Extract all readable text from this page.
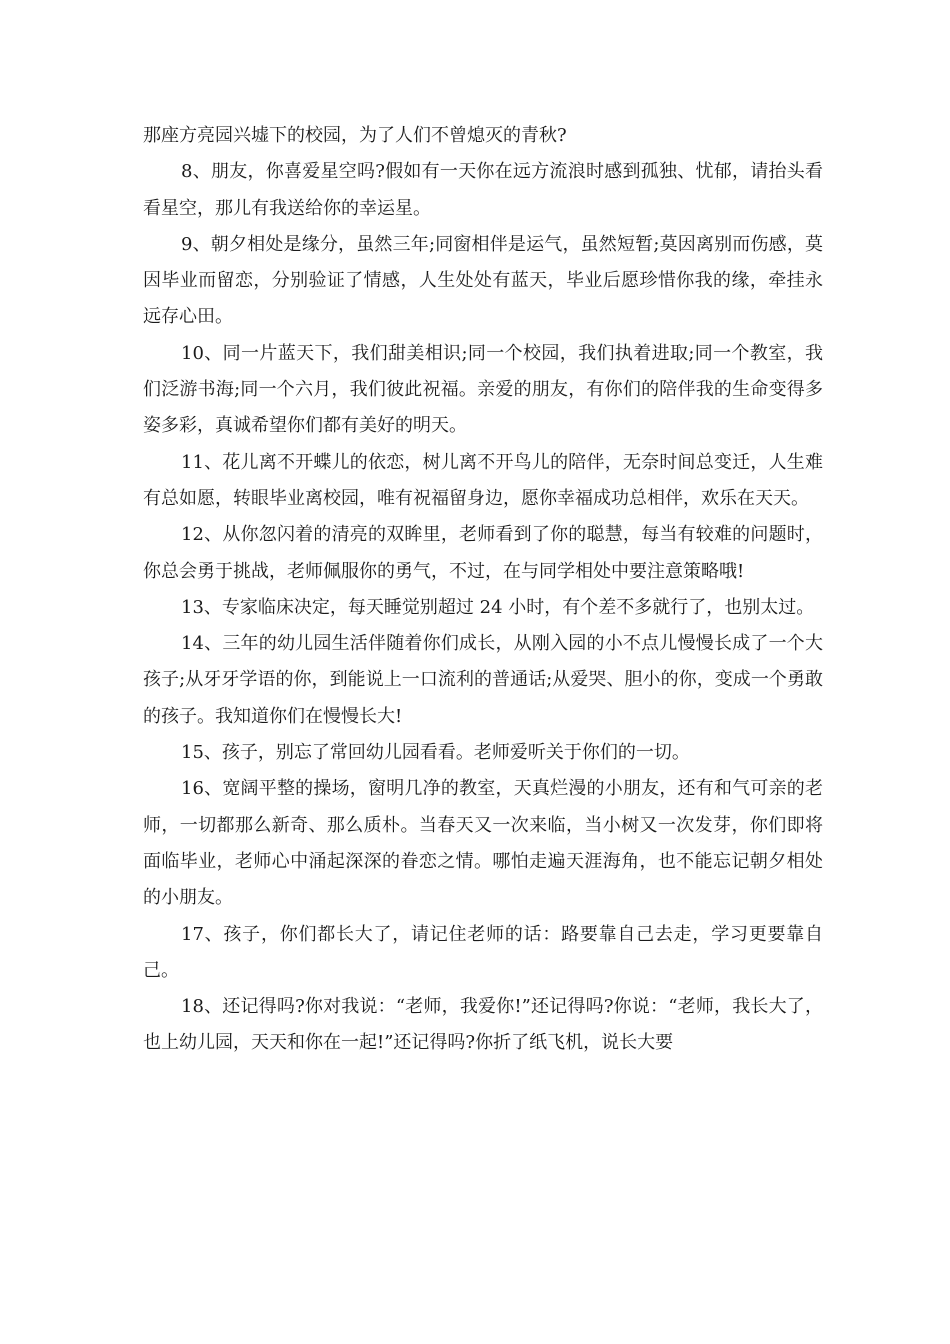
那座方亮园兴墟下的校园，为了人们不曾熄灭的青秋?

8、朋友，你喜爱星空吗?假如有一天你在远方流浪时感到孤独、忧郁，请抬头看看星空，那儿有我送给你的幸运星。

9、朝夕相处是缘分，虽然三年;同窗相伴是运气，虽然短暂;莫因离别而伤感，莫因毕业而留恋，分别验证了情感，人生处处有蓝天，毕业后愿珍惜你我的缘，牵挂永远存心田。

10、同一片蓝天下，我们甜美相识;同一个校园，我们执着进取;同一个教室，我们泛游书海;同一个六月，我们彼此祝福。亲爱的朋友，有你们的陪伴我的生命变得多姿多彩，真诚希望你们都有美好的明天。

11、花儿离不开蝶儿的依恋，树儿离不开鸟儿的陪伴，无奈时间总变迁，人生难有总如愿，转眼毕业离校园，唯有祝福留身边，愿你幸福成功总相伴，欢乐在天天。

12、从你忽闪着的清亮的双眸里，老师看到了你的聪慧，每当有较难的问题时，你总会勇于挑战，老师佩服你的勇气，不过，在与同学相处中要注意策略哦!

13、专家临床决定，每天睡觉别超过 24 小时，有个差不多就行了，也别太过。

14、三年的幼儿园生活伴随着你们成长，从刚入园的小不点儿慢慢长成了一个大孩子;从牙牙学语的你，到能说上一口流利的普通话;从爱哭、胆小的你，变成一个勇敢的孩子。我知道你们在慢慢长大!

15、孩子，别忘了常回幼儿园看看。老师爱听关于你们的一切。

16、宽阔平整的操场，窗明几净的教室，天真烂漫的小朋友，还有和气可亲的老师，一切都那么新奇、那么质朴。当春天又一次来临，当小树又一次发芽，你们即将面临毕业，老师心中涌起深深的眷恋之情。哪怕走遍天涯海角，也不能忘记朝夕相处的小朋友。

17、孩子，你们都长大了，请记住老师的话：路要靠自己去走，学习更要靠自己。

18、还记得吗?你对我说：“老师，我爱你!”还记得吗?你说：“老师，我长大了，也上幼儿园，天天和你在一起!”还记得吗?你折了纸飞机，说长大要
